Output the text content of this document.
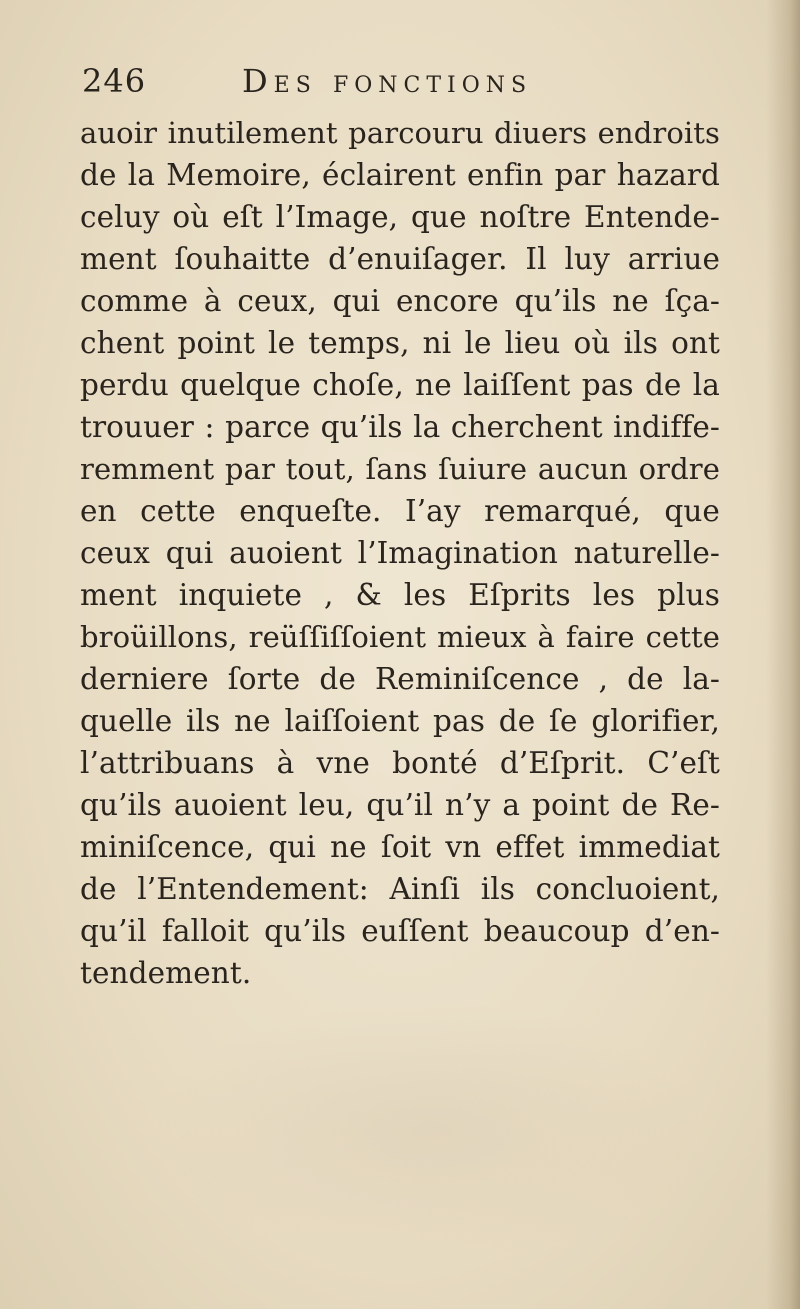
246	Des fonctions
auoir inutilement parcouru diuers endroits
de la Memoire, éclairent enfin par hazard
celuy où eſt l’Image, que noſtre Entende-
ment ſouhaitte d’enuiſager. Il luy arriue
comme à ceux, qui encore qu’ils ne ſça-
chent point le temps, ni le lieu où ils ont
perdu quelque choſe, ne laiſſent pas de la
trouuer : parce qu’ils la cherchent indiffe-
remment par tout, ſans ſuiure aucun ordre
en cette enqueſte. I’ay remarqué, que
ceux qui auoient l’Imagination naturelle-
ment inquiete , & les Eſprits les plus
broüillons, reüſſiſſoient mieux à faire cette
derniere ſorte de Reminiſcence , de la-
quelle ils ne laiſſoient pas de ſe glorifier,
l’attribuans à vne bonté d’Eſprit. C’eſt
qu’ils auoient leu, qu’il n’y a point de Re-
miniſcence, qui ne ſoit vn effet immediat
de l’Entendement: Ainſi ils concluoient,
qu’il falloit qu’ils euſſent beaucoup d’en-
tendement.
